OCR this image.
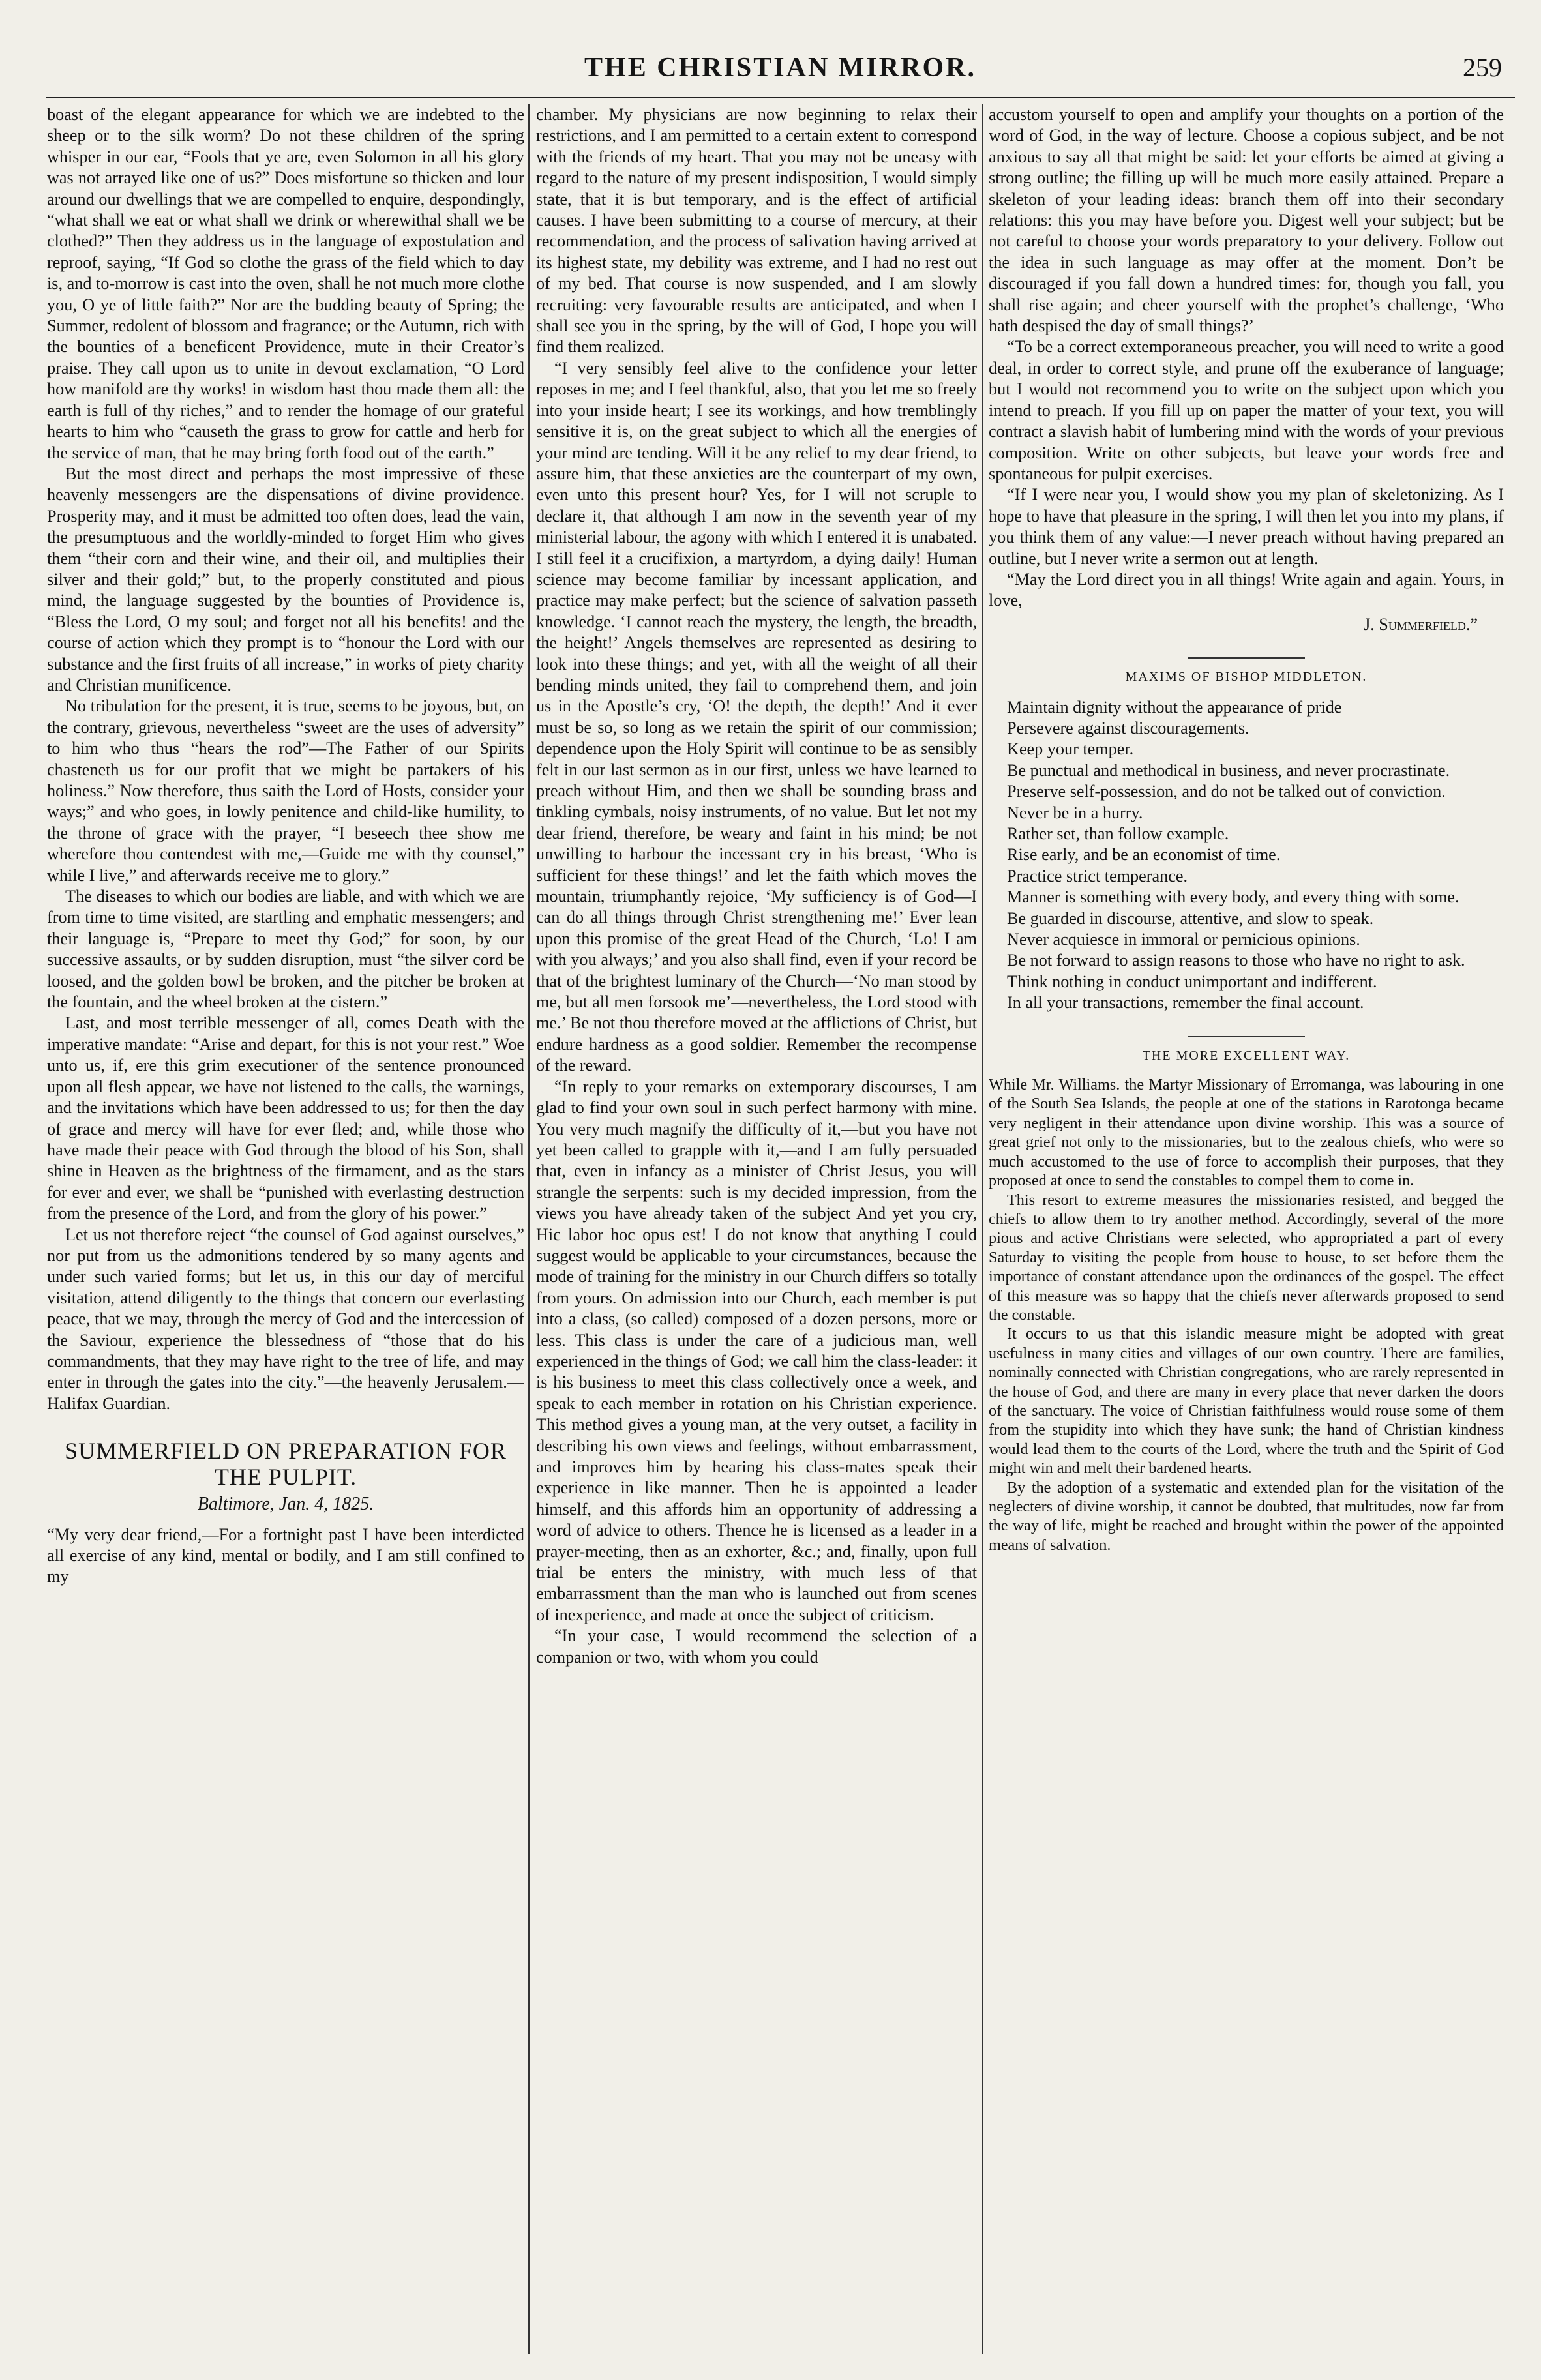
THE CHRISTIAN MIRROR.	259

boast of the elegant appearance for which we are indebted to the sheep or to the silk worm? Do not these children of the spring whisper in our ear, “Fools that ye are, even Solomon in all his glory was not arrayed like one of us?” Does misfortune so thicken and lour around our dwellings that we are compelled to enquire, despondingly, “what shall we eat or what shall we drink or wherewithal shall we be clothed?” Then they address us in the language of expostulation and reproof, saying, “If God so clothe the grass of the field which to day is, and to-morrow is cast into the oven, shall he not much more clothe you, O ye of little faith?” Nor are the budding beauty of Spring; the Summer, redolent of blossom and fragrance; or the Autumn, rich with the bounties of a beneficent Providence, mute in their Creator’s praise. They call upon us to unite in devout exclamation, “O Lord how manifold are thy works! in wisdom hast thou made them all: the earth is full of thy riches,” and to render the homage of our grateful hearts to him who “causeth the grass to grow for cattle and herb for the service of man, that he may bring forth food out of the earth.”

But the most direct and perhaps the most impressive of these heavenly messengers are the dispensations of divine providence. Prosperity may, and it must be admitted too often does, lead the vain, the presumptuous and the worldly-minded to forget Him who gives them “their corn and their wine, and their oil, and multiplies their silver and their gold;” but, to the properly constituted and pious mind, the language suggested by the bounties of Providence is, “Bless the Lord, O my soul; and forget not all his benefits! and the course of action which they prompt is to “honour the Lord with our substance and the first fruits of all increase,” in works of piety charity and Christian munificence.

No tribulation for the present, it is true, seems to be joyous, but, on the contrary, grievous, nevertheless “sweet are the uses of adversity” to him who thus “hears the rod”—The Father of our Spirits chasteneth us for our profit that we might be partakers of his holiness.” Now therefore, thus saith the Lord of Hosts, consider your ways;” and who goes, in lowly penitence and child-like humility, to the throne of grace with the prayer, “I beseech thee show me wherefore thou contendest with me,—Guide me with thy counsel,” while I live,” and afterwards receive me to glory.”

The diseases to which our bodies are liable, and with which we are from time to time visited, are startling and emphatic messengers; and their language is, “Prepare to meet thy God;” for soon, by our successive assaults, or by sudden disruption, must “the silver cord be loosed, and the golden bowl be broken, and the pitcher be broken at the fountain, and the wheel broken at the cistern.”

Last, and most terrible messenger of all, comes Death with the imperative mandate: “Arise and depart, for this is not your rest.” Woe unto us, if, ere this grim executioner of the sentence pronounced upon all flesh appear, we have not listened to the calls, the warnings, and the invitations which have been addressed to us; for then the day of grace and mercy will have for ever fled; and, while those who have made their peace with God through the blood of his Son, shall shine in Heaven as the brightness of the firmament, and as the stars for ever and ever, we shall be “punished with everlasting destruction from the presence of the Lord, and from the glory of his power.”

Let us not therefore reject “the counsel of God against ourselves,” nor put from us the admonitions tendered by so many agents and under such varied forms; but let us, in this our day of merciful visitation, attend diligently to the things that concern our everlasting peace, that we may, through the mercy of God and the intercession of the Saviour, experience the blessedness of “those that do his commandments, that they may have right to the tree of life, and may enter in through the gates into the city.”—the heavenly Jerusalem.—Halifax Guardian.

SUMMERFIELD ON PREPARATION FOR THE PULPIT.
Baltimore, Jan. 4, 1825.

“My very dear friend,—For a fortnight past I have been interdicted all exercise of any kind, mental or bodily, and I am still confined to my

chamber. My physicians are now beginning to relax their restrictions, and I am permitted to a certain extent to correspond with the friends of my heart. That you may not be uneasy with regard to the nature of my present indisposition, I would simply state, that it is but temporary, and is the effect of artificial causes. I have been submitting to a course of mercury, at their recommendation, and the process of salivation having arrived at its highest state, my debility was extreme, and I had no rest out of my bed. That course is now suspended, and I am slowly recruiting: very favourable results are anticipated, and when I shall see you in the spring, by the will of God, I hope you will find them realized.

“I very sensibly feel alive to the confidence your letter reposes in me; and I feel thankful, also, that you let me so freely into your inside heart; I see its workings, and how tremblingly sensitive it is, on the great subject to which all the energies of your mind are tending. Will it be any relief to my dear friend, to assure him, that these anxieties are the counterpart of my own, even unto this present hour? Yes, for I will not scruple to declare it, that although I am now in the seventh year of my ministerial labour, the agony with which I entered it is unabated. I still feel it a crucifixion, a martyrdom, a dying daily! Human science may become familiar by incessant application, and practice may make perfect; but the science of salvation passeth knowledge. ‘I cannot reach the mystery, the length, the breadth, the height!’ Angels themselves are represented as desiring to look into these things; and yet, with all the weight of all their bending minds united, they fail to comprehend them, and join us in the Apostle’s cry, ‘O! the depth, the depth!’ And it ever must be so, so long as we retain the spirit of our commission; dependence upon the Holy Spirit will continue to be as sensibly felt in our last sermon as in our first, unless we have learned to preach without Him, and then we shall be sounding brass and tinkling cymbals, noisy instruments, of no value. But let not my dear friend, therefore, be weary and faint in his mind; be not unwilling to harbour the incessant cry in his breast, ‘Who is sufficient for these things!’ and let the faith which moves the mountain, triumphantly rejoice, ‘My sufficiency is of God—I can do all things through Christ strengthening me!’ Ever lean upon this promise of the great Head of the Church, ‘Lo! I am with you always;’ and you also shall find, even if your record be that of the brightest luminary of the Church—‘No man stood by me, but all men forsook me’—nevertheless, the Lord stood with me.’ Be not thou therefore moved at the afflictions of Christ, but endure hardness as a good soldier. Remember the recompense of the reward.

“In reply to your remarks on extemporary discourses, I am glad to find your own soul in such perfect harmony with mine. You very much magnify the difficulty of it,—but you have not yet been called to grapple with it,—and I am fully persuaded that, even in infancy as a minister of Christ Jesus, you will strangle the serpents: such is my decided impression, from the views you have already taken of the subject And yet you cry, Hic labor hoc opus est! I do not know that anything I could suggest would be applicable to your circumstances, because the mode of training for the ministry in our Church differs so totally from yours. On admission into our Church, each member is put into a class, (so called) composed of a dozen persons, more or less. This class is under the care of a judicious man, well experienced in the things of God; we call him the class-leader: it is his business to meet this class collectively once a week, and speak to each member in rotation on his Christian experience. This method gives a young man, at the very outset, a facility in describing his own views and feelings, without embarrassment, and improves him by hearing his class-mates speak their experience in like manner. Then he is appointed a leader himself, and this affords him an opportunity of addressing a word of advice to others. Thence he is licensed as a leader in a prayer-meeting, then as an exhorter, &c.; and, finally, upon full trial be enters the ministry, with much less of that embarrassment than the man who is launched out from scenes of inexperience, and made at once the subject of criticism.

“In your case, I would recommend the selection of a companion or two, with whom you could

accustom yourself to open and amplify your thoughts on a portion of the word of God, in the way of lecture. Choose a copious subject, and be not anxious to say all that might be said: let your efforts be aimed at giving a strong outline; the filling up will be much more easily attained. Prepare a skeleton of your leading ideas: branch them off into their secondary relations: this you may have before you. Digest well your subject; but be not careful to choose your words preparatory to your delivery. Follow out the idea in such language as may offer at the moment. Don’t be discouraged if you fall down a hundred times: for, though you fall, you shall rise again; and cheer yourself with the prophet’s challenge, ‘Who hath despised the day of small things?’

“To be a correct extemporaneous preacher, you will need to write a good deal, in order to correct style, and prune off the exuberance of language; but I would not recommend you to write on the subject upon which you intend to preach. If you fill up on paper the matter of your text, you will contract a slavish habit of lumbering mind with the words of your previous composition. Write on other subjects, but leave your words free and spontaneous for pulpit exercises.

“If I were near you, I would show you my plan of skeletonizing. As I hope to have that pleasure in the spring, I will then let you into my plans, if you think them of any value:—I never preach without having prepared an outline, but I never write a sermon out at length.

“May the Lord direct you in all things! Write again and again. Yours, in love,

J. Summerfield.”
MAXIMS OF BISHOP MIDDLETON.

Maintain dignity without the appearance of pride

Persevere against discouragements.

Keep your temper.

Be punctual and methodical in business, and never procrastinate.

Preserve self-possession, and do not be talked out of conviction.

Never be in a hurry.

Rather set, than follow example.

Rise early, and be an economist of time.

Practice strict temperance.

Manner is something with every body, and every thing with some.

Be guarded in discourse, attentive, and slow to speak.

Never acquiesce in immoral or pernicious opinions.

Be not forward to assign reasons to those who have no right to ask.

Think nothing in conduct unimportant and indifferent.

In all your transactions, remember the final account.

THE MORE EXCELLENT WAY.

While Mr. Williams. the Martyr Missionary of Erromanga, was labouring in one of the South Sea Islands, the people at one of the stations in Rarotonga became very negligent in their attendance upon divine worship. This was a source of great grief not only to the missionaries, but to the zealous chiefs, who were so much accustomed to the use of force to accomplish their purposes, that they proposed at once to send the constables to compel them to come in.

This resort to extreme measures the missionaries resisted, and begged the chiefs to allow them to try another method. Accordingly, several of the more pious and active Christians were selected, who appropriated a part of every Saturday to visiting the people from house to house, to set before them the importance of constant attendance upon the ordinances of the gospel. The effect of this measure was so happy that the chiefs never afterwards proposed to send the constable.

It occurs to us that this islandic measure might be adopted with great usefulness in many cities and villages of our own country. There are families, nominally connected with Christian congregations, who are rarely represented in the house of God, and there are many in every place that never darken the doors of the sanctuary. The voice of Christian faithfulness would rouse some of them from the stupidity into which they have sunk; the hand of Christian kindness would lead them to the courts of the Lord, where the truth and the Spirit of God might win and melt their bardened hearts.

By the adoption of a systematic and extended plan for the visitation of the neglecters of divine worship, it cannot be doubted, that multitudes, now far from the way of life, might be reached and brought within the power of the appointed means of salvation.
